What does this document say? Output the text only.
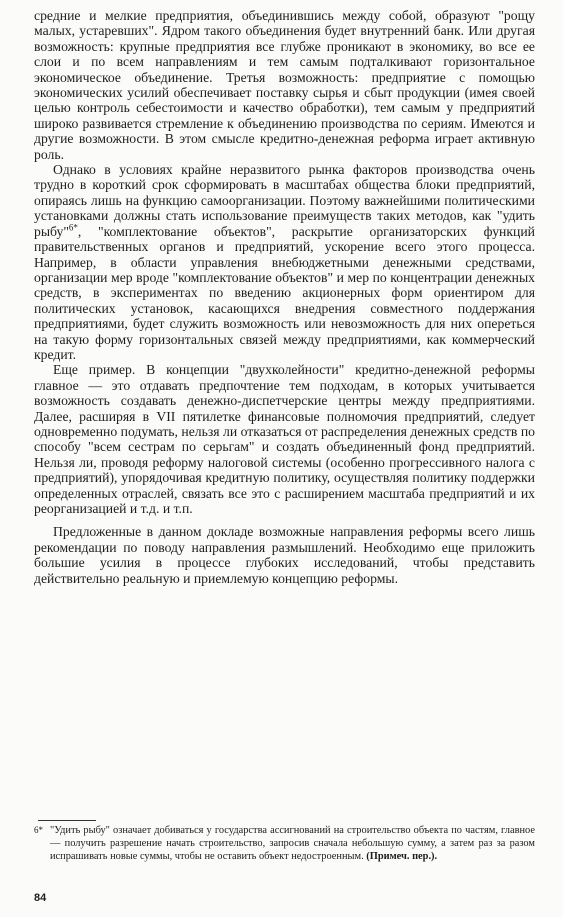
средние и мелкие предприятия, объединившись между собой, образуют "рощу малых, устаревших". Ядром такого объединения будет внутренний банк. Или другая возможность: крупные предприятия все глубже проникают в экономику, во все ее слои и по всем направлениям и тем самым подталкивают горизонтальное экономическое объединение. Третья возможность: предприятие с помощью экономических усилий обеспечивает поставку сырья и сбыт продукции (имея своей целью контроль себестоимости и качество обработки), тем самым у предприятий широко развивается стремление к объединению производства по сериям. Имеются и другие возможности. В этом смысле кредитно-денежная реформа играет активную роль.

Однако в условиях крайне неразвитого рынка факторов производства очень трудно в короткий срок сформировать в масштабах общества блоки предприятий, опираясь лишь на функцию самоорганизации. Поэтому важнейшими политическими установками должны стать использование преимуществ таких методов, как "удить рыбу"$^{6*}$, "комплектование объектов", раскрытие организаторских функций правительственных органов и предприятий, ускорение всего этого процесса. Например, в области управления внебюджетными денежными средствами, организации мер вроде "комплектование объектов" и мер по концентрации денежных средств, в экспериментах по введению акционерных форм ориентиром для политических установок, касающихся внедрения совместного поддержания предприятиями, будет служить возможность или невозможность для них опереться на такую форму горизонтальных связей между предприятиями, как коммерческий кредит.

Еще пример. В концепции "двухколейности" кредитно-денежной реформы главное — это отдавать предпочтение тем подходам, в которых учитывается возможность создавать денежно-диспетчерские центры между предприятиями. Далее, расширяя в VII пятилетке финансовые полномочия предприятий, следует одновременно подумать, нельзя ли отказаться от распределения денежных средств по способу "всем сестрам по серьгам" и создать объединенный фонд предприятий. Нельзя ли, проводя реформу налоговой системы (особенно прогрессивного налога с предприятий), упорядочивая кредитную политику, осуществляя политику поддержки определенных отраслей, связать все это с расширением масштаба предприятий и их реорганизацией и т.д. и т.п.

Предложенные в данном докладе возможные направления реформы всего лишь рекомендации по поводу направления размышлений. Необходимо еще приложить большие усилия в процессе глубоких исследований, чтобы представить действительно реальную и приемлемую концепцию реформы.

6* "Удить рыбу" означает добиваться у государства ассигнований на строительство объекта по частям, главное — получить разрешение начать строительство, запросив сначала небольшую сумму, а затем раз за разом испрашивать новые суммы, чтобы не оставить объект недостроенным. (Примеч. пер.).
84
